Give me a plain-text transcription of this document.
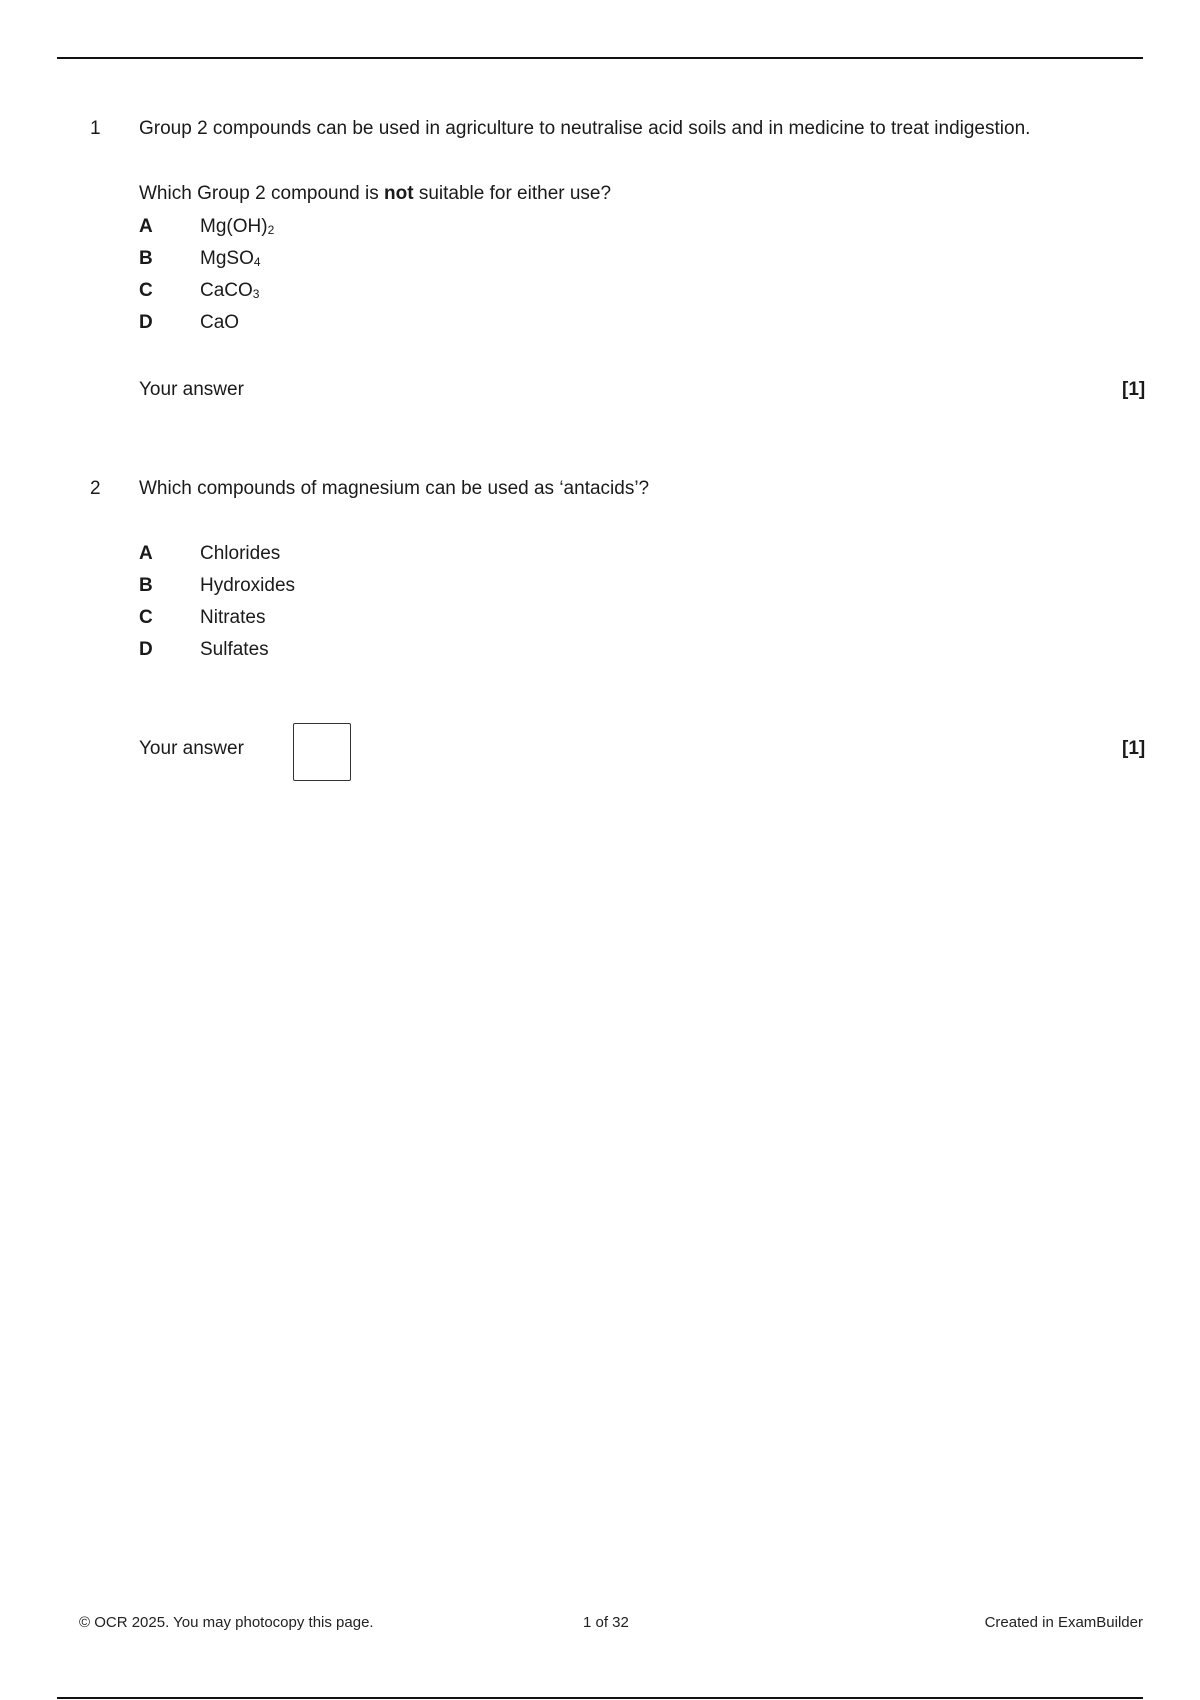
1 Group 2 compounds can be used in agriculture to neutralise acid soils and in medicine to treat indigestion.
Which Group 2 compound is not suitable for either use?
A $Mg(OH)_2$
B MgSO$_4$
C CaCO$_3$
D CaO
Your answer	[1]
2 Which compounds of magnesium can be used as ‘antacids’?
A Chlorides
B Hydroxides
C Nitrates
D Sulfates
Your answer	[1]
© OCR 2025. You may photocopy this page.	1 of 32	Created in ExamBuilder
